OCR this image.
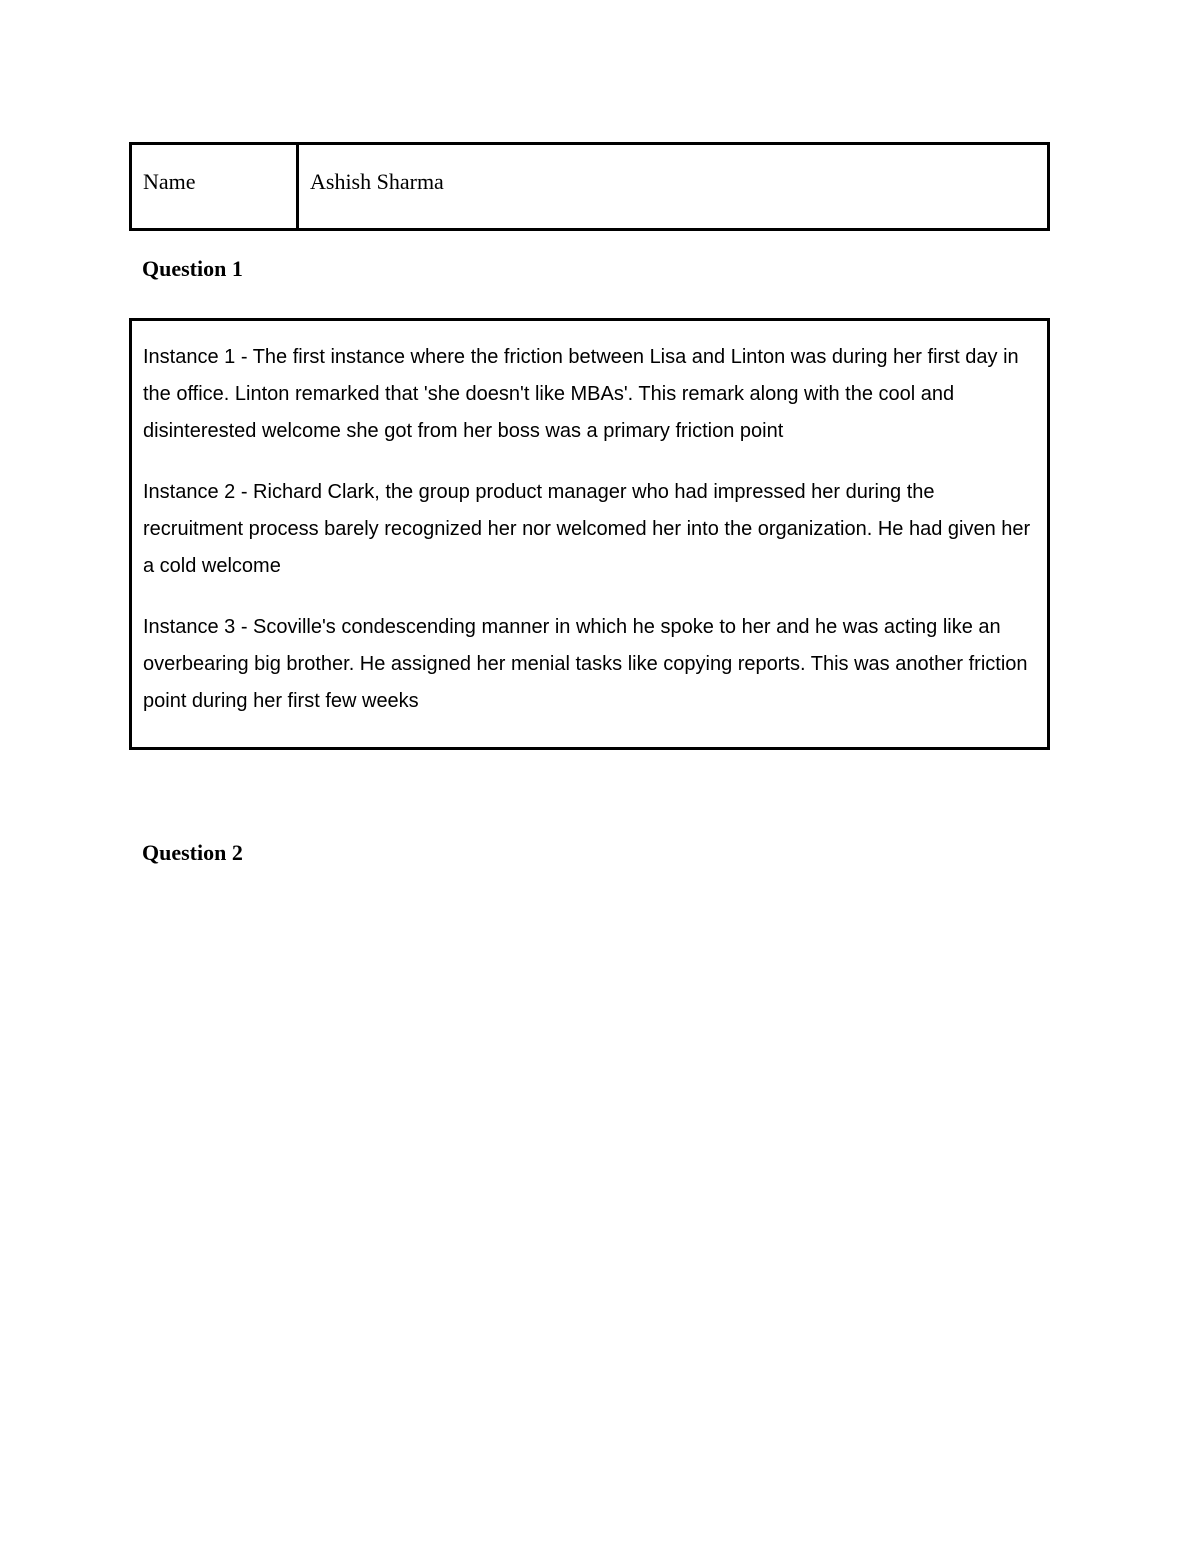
Name	Ashish Sharma
Question 1

Instance 1 - The first instance where the friction between Lisa and Linton was during her first day in the office. Linton remarked that 'she doesn't like MBAs'. This remark along with the cool and disinterested welcome she got from her boss was a primary friction point

Instance 2 - Richard Clark, the group product manager who had impressed her during the recruitment process barely recognized her nor welcomed her into the organization. He had given her a cold welcome

Instance 3 - Scoville's condescending manner in which he spoke to her and he was acting like an overbearing big brother. He assigned her menial tasks like copying reports. This was another friction point during her first few weeks

Question 2
